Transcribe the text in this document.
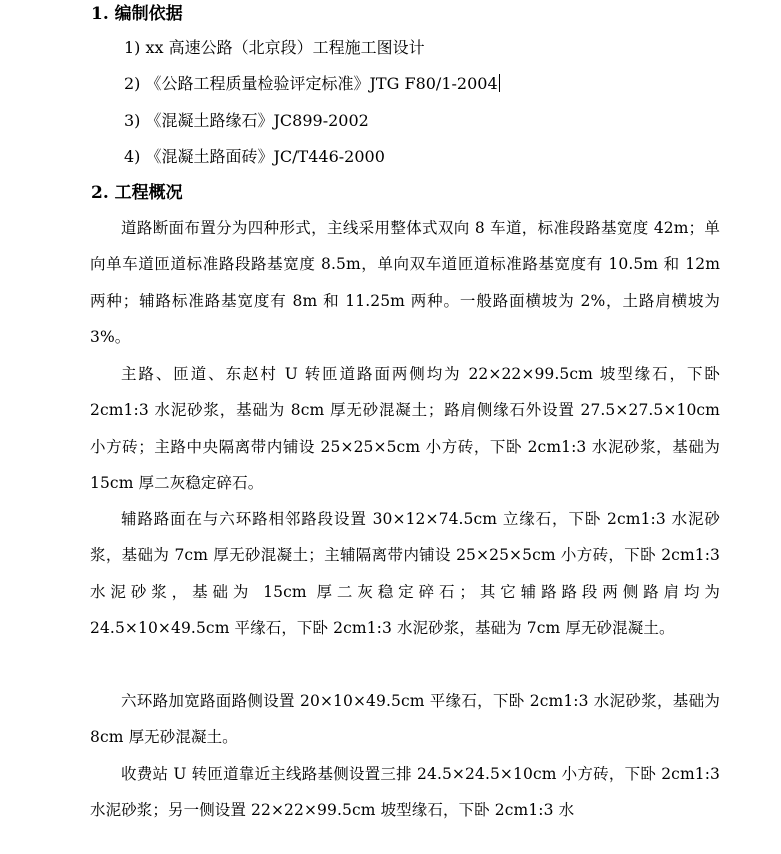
1. 编制依据
1) xx 高速公路（北京段）工程施工图设计
2) 《公路工程质量检验评定标准》JTG F80/1-2004
3) 《混凝土路缘石》JC899-2002
4) 《混凝土路面砖》JC/T446-2000
2. 工程概况
道路断面布置分为四种形式，主线采用整体式双向 8 车道，标准段路基宽度 42m；单向单车道匝道标准路段路基宽度 8.5m，单向双车道匝道标准路基宽度有 10.5m 和 12m 两种；辅路标准路基宽度有 8m 和 11.25m 两种。一般路面横坡为 2%，土路肩横坡为 3%。
主路、匝道、东赵村 U 转匝道路面两侧均为 22×22×99.5cm 坡型缘石，下卧 2cm1:3 水泥砂浆，基础为 8cm 厚无砂混凝土；路肩侧缘石外设置 27.5×27.5×10cm 小方砖；主路中央隔离带内铺设 25×25×5cm 小方砖，下卧 2cm1:3 水泥砂浆，基础为 15cm 厚二灰稳定碎石。
辅路路面在与六环路相邻路段设置 30×12×74.5cm 立缘石，下卧 2cm1:3 水泥砂浆，基础为 7cm 厚无砂混凝土；主辅隔离带内铺设 25×25×5cm 小方砖，下卧 2cm1:3 水泥砂浆，基础为 15cm 厚二灰稳定碎石；其它辅路路段两侧路肩均为 24.5×10×49.5cm 平缘石，下卧 2cm1:3 水泥砂浆，基础为 7cm 厚无砂混凝土。
六环路加宽路面路侧设置 20×10×49.5cm 平缘石，下卧 2cm1:3 水泥砂浆，基础为 8cm 厚无砂混凝土。
收费站 U 转匝道靠近主线路基侧设置三排 24.5×24.5×10cm 小方砖，下卧 2cm1:3 水泥砂浆；另一侧设置 22×22×99.5cm 坡型缘石，下卧 2cm1:3 水
